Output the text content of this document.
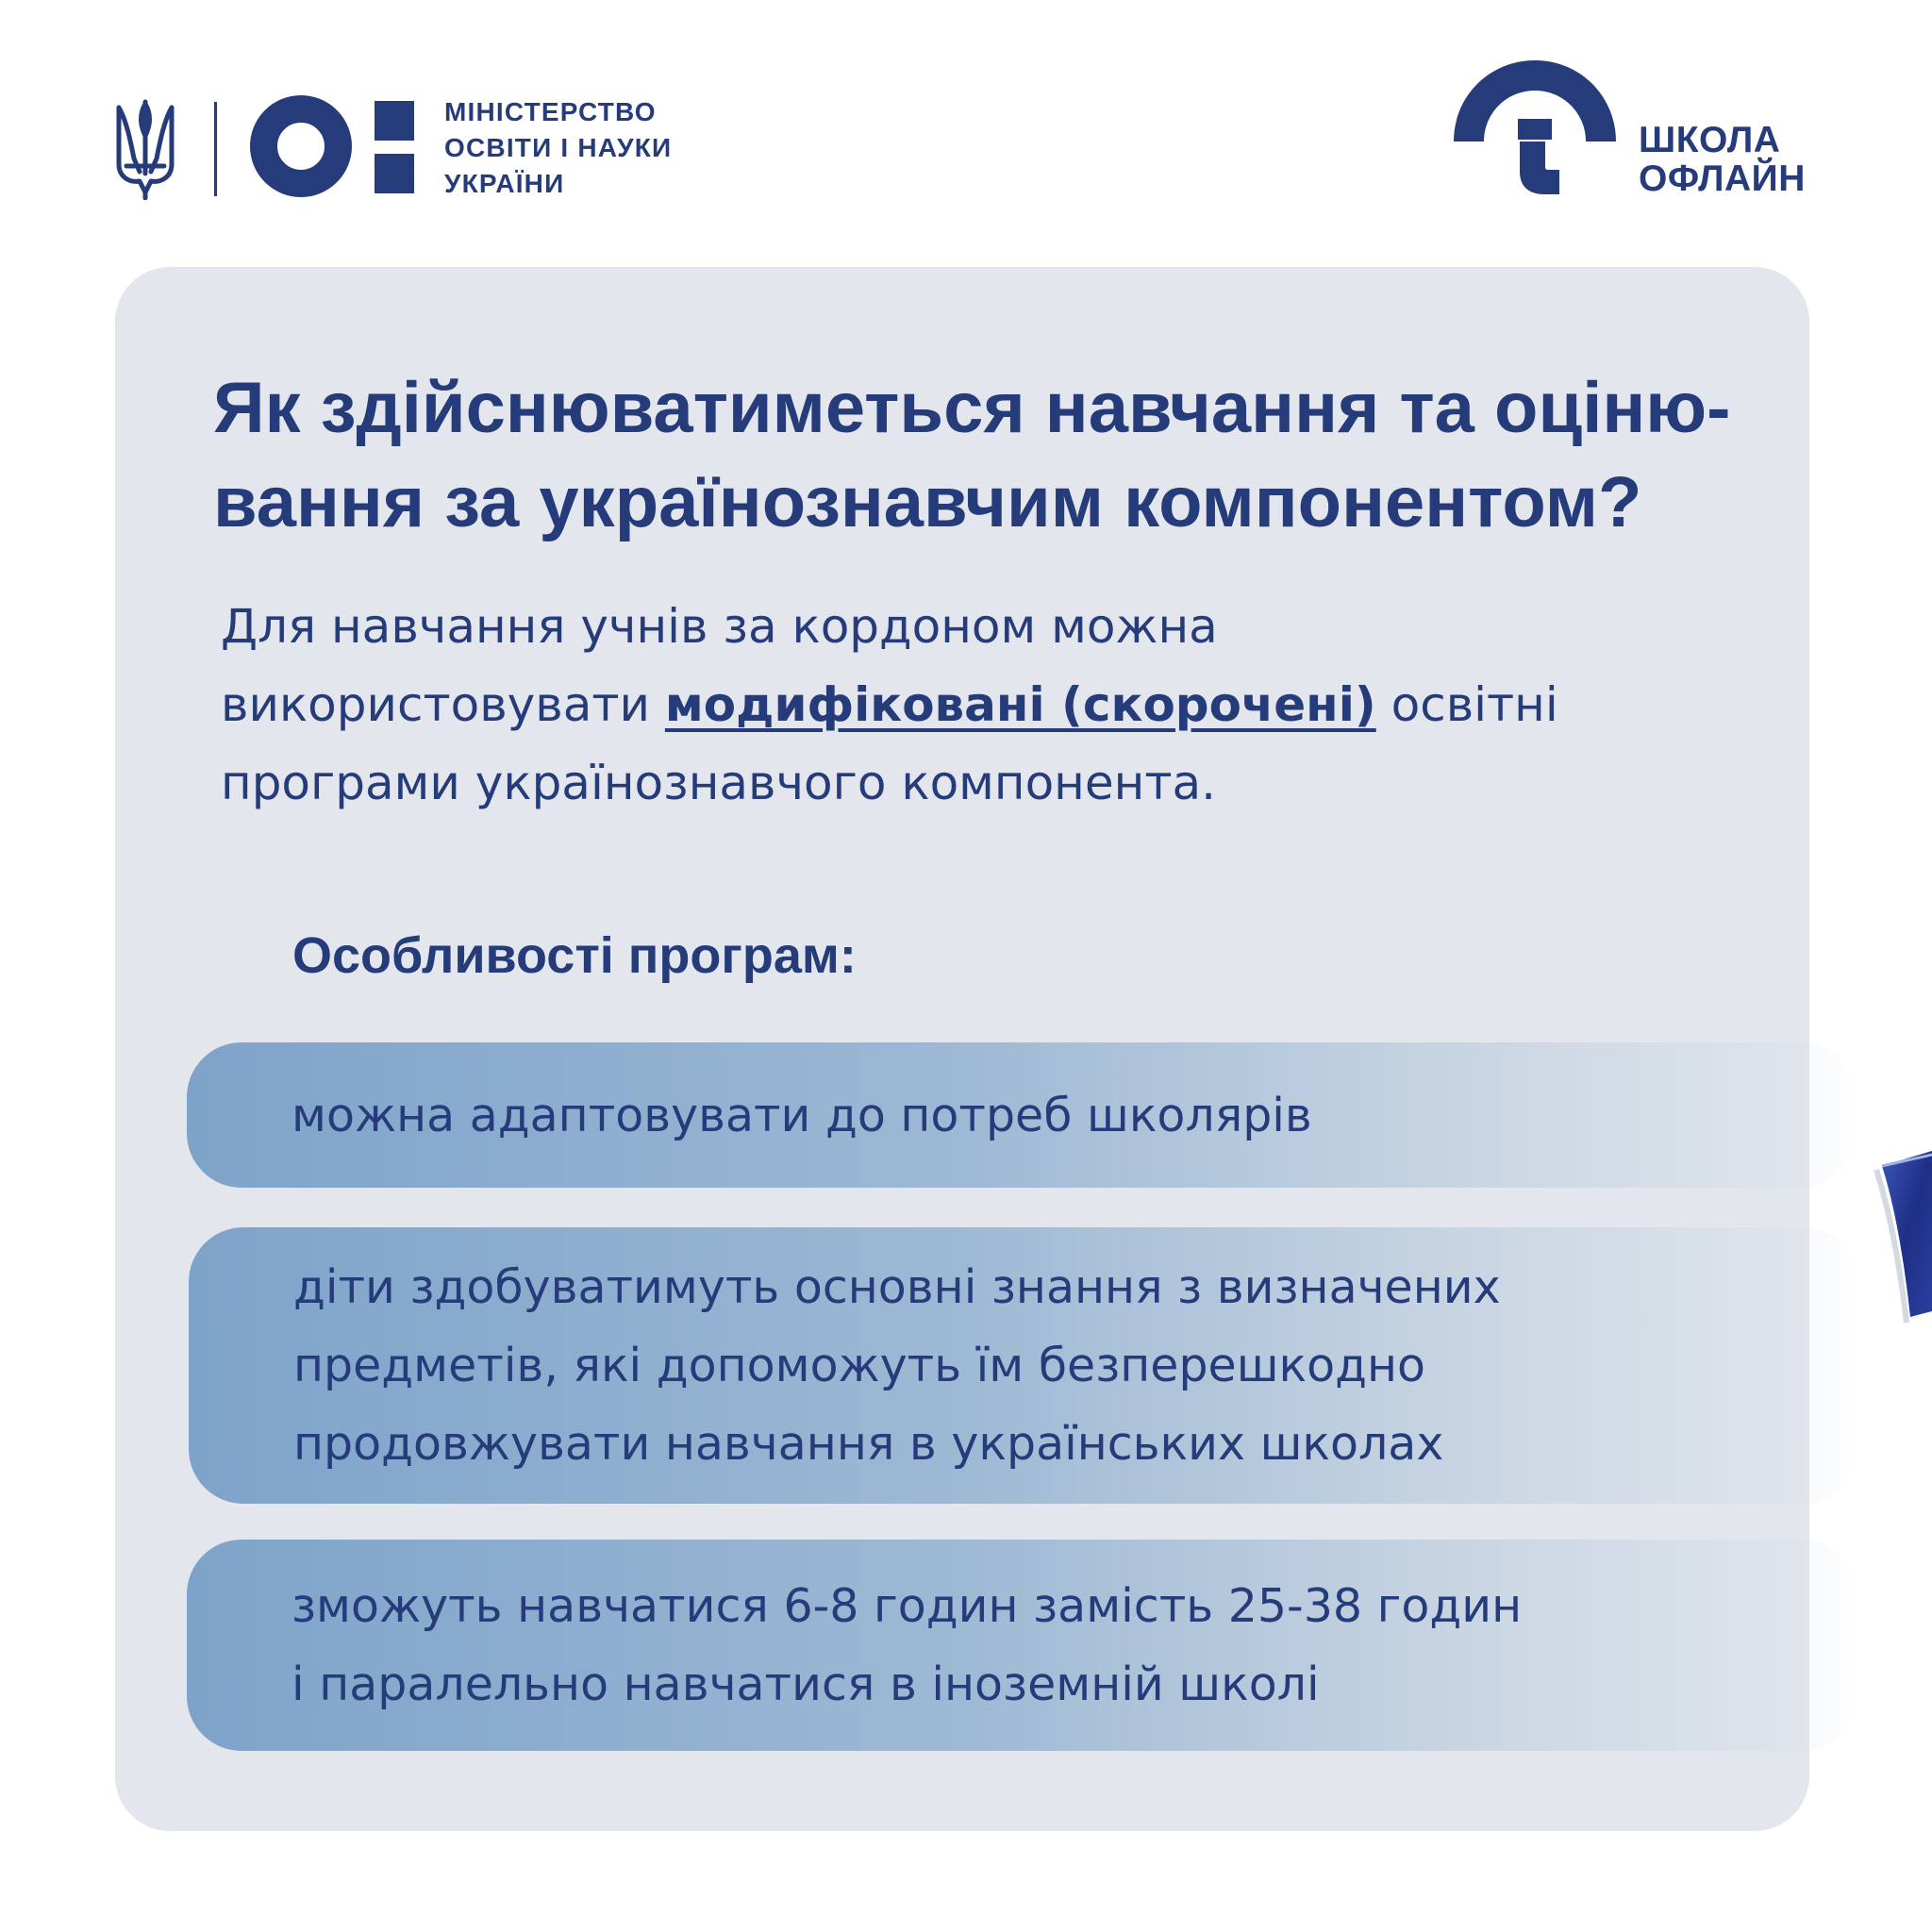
МІНІСТЕРСТВО
ОСВІТИ І НАУКИ
УКРАЇНИ
ШКОЛА
ОФЛАЙН
Як здійснюватиметься навчання та оціню-
вання за українознавчим компонентом?

Для навчання учнів за кордоном можна
використовувати модифіковані (скорочені) освітні
програми українознавчого компонента.

Особливості програм:
можна адаптовувати до потреб школярів
діти здобуватимуть основні знання з визначених
предметів, які допоможуть їм безперешкодно
продовжувати навчання в українських школах
зможуть навчатися 6-8 годин замість 25-38 годин
і паралельно навчатися в іноземній школі
